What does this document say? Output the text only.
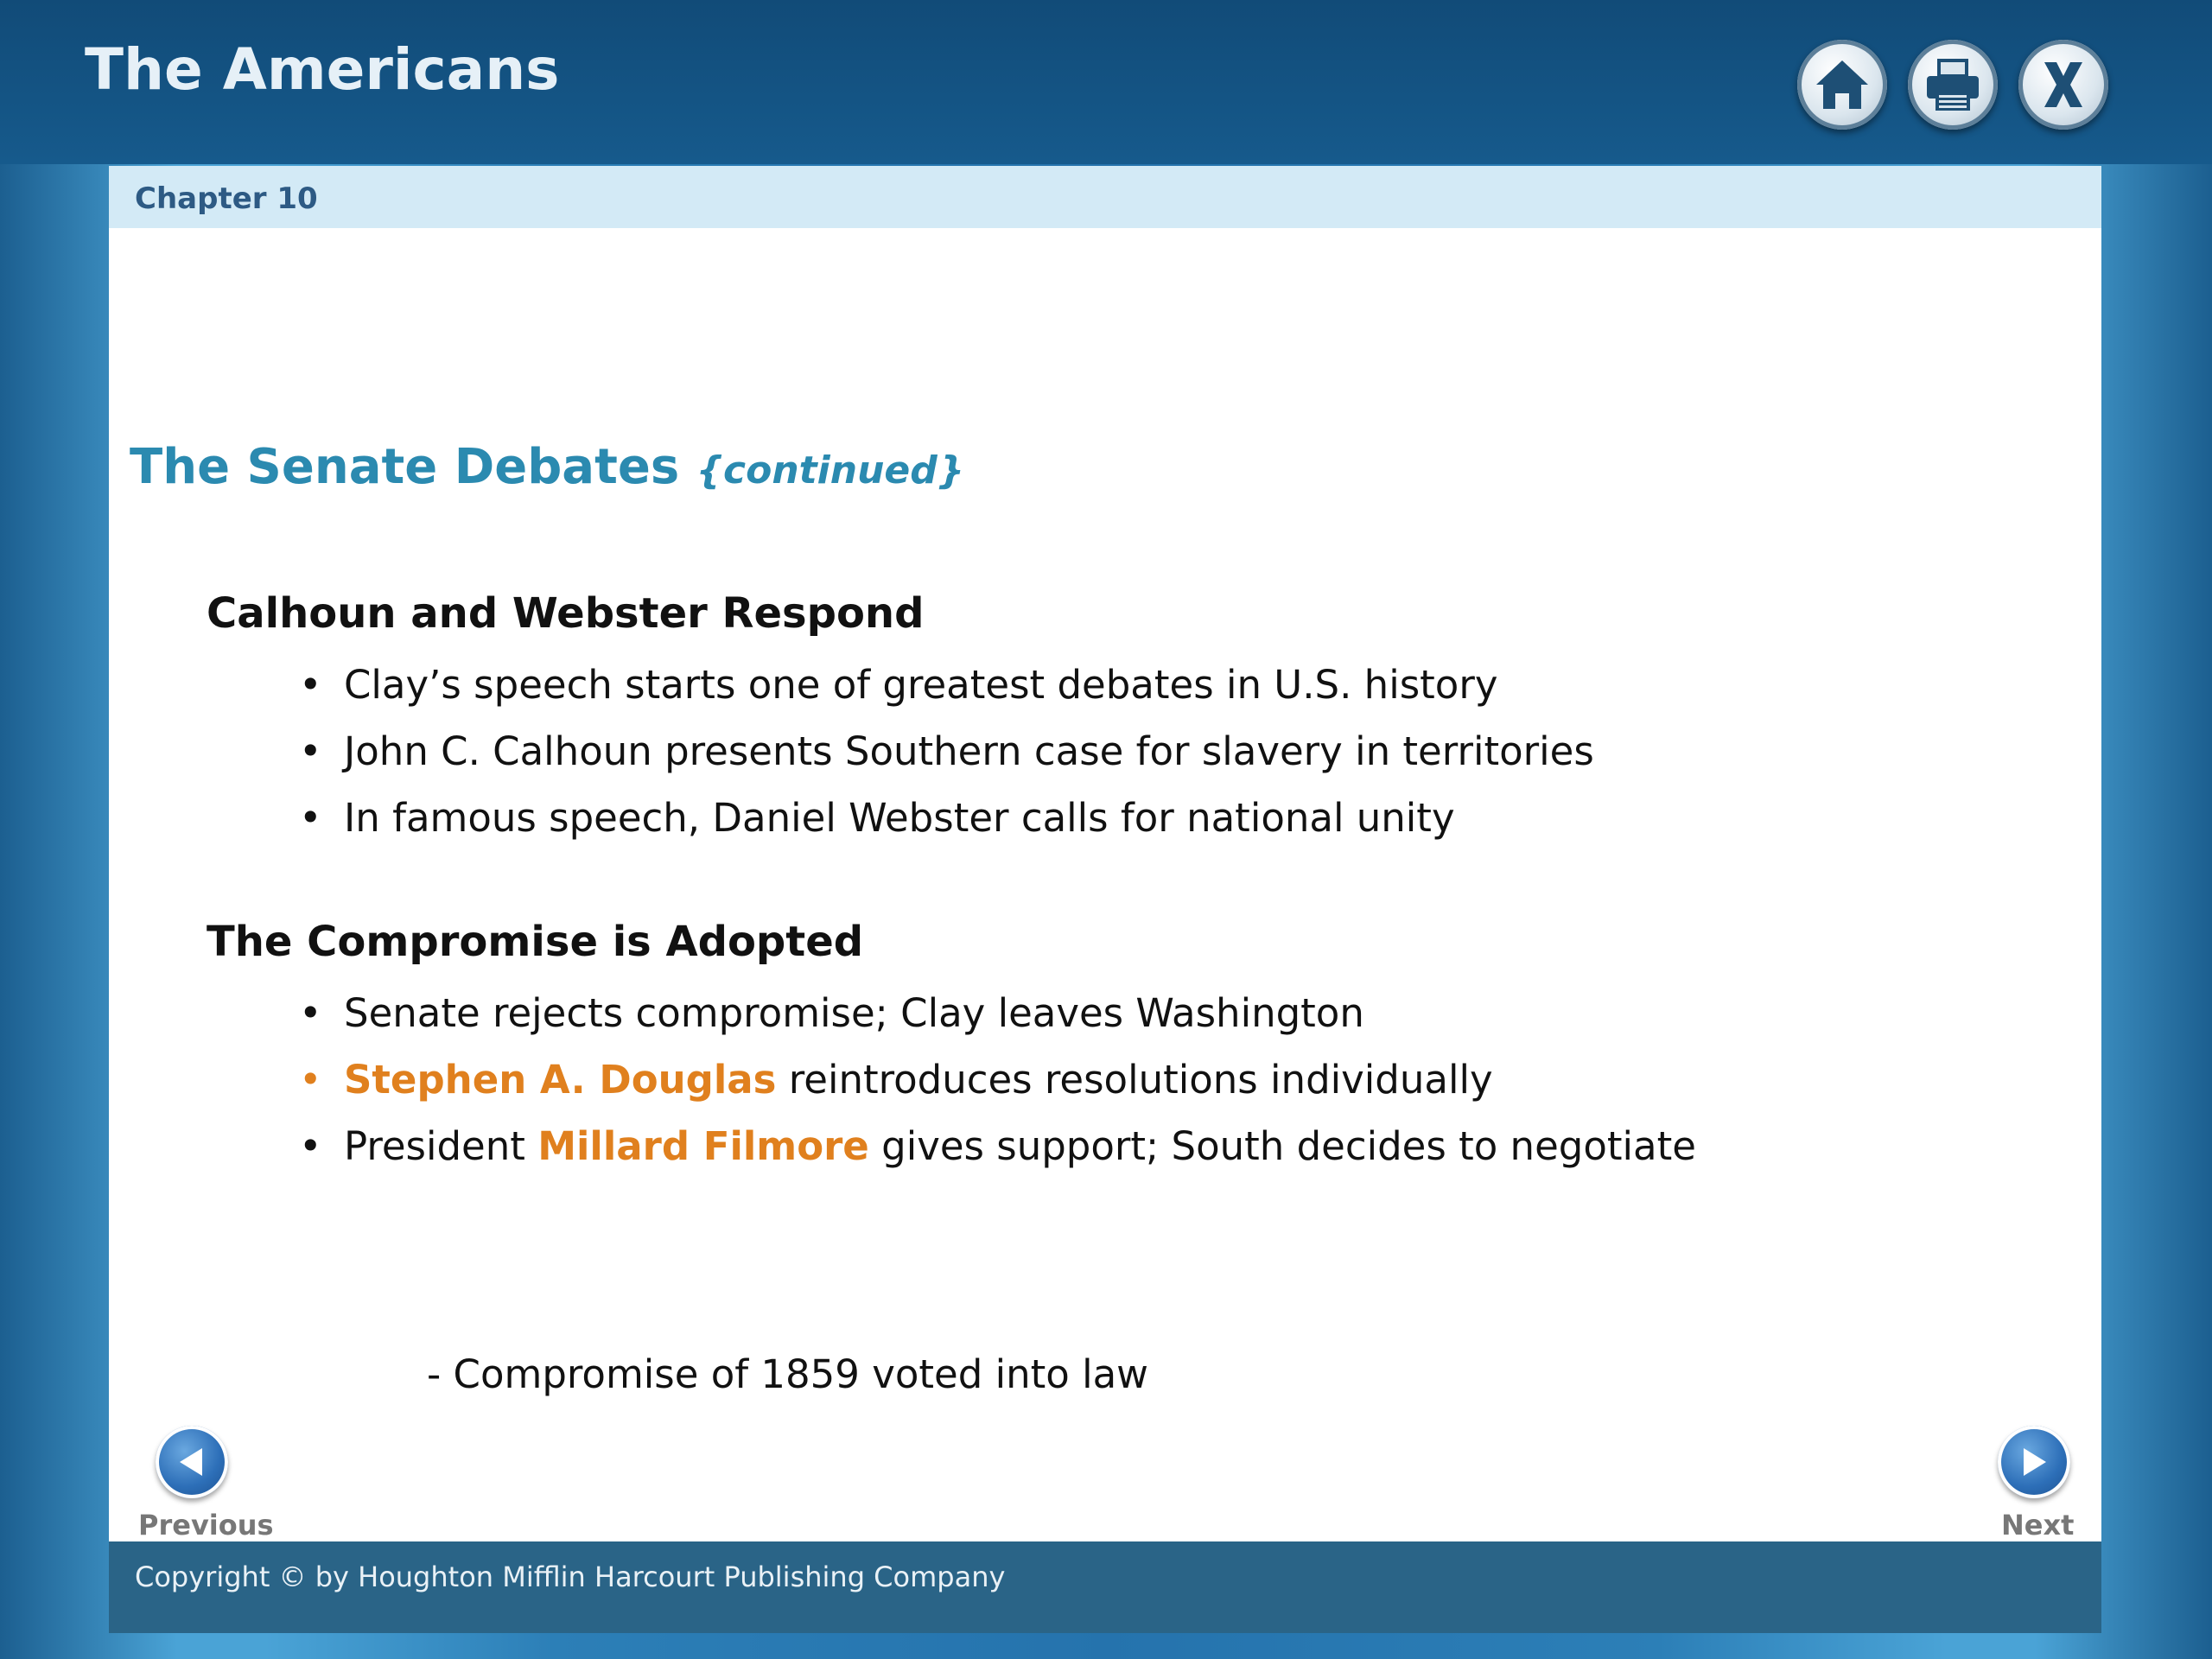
The Americans
Chapter 10
The Senate Debates {continued}
Calhoun and Webster Respond
• Clay’s speech starts one of greatest debates in U.S. history
• John C. Calhoun presents Southern case for slavery in territories
• In famous speech, Daniel Webster calls for national unity
The Compromise is Adopted
• Senate rejects compromise; Clay leaves Washington
• Stephen A. Douglas reintroduces resolutions individually
• President Millard Filmore gives support; South decides to negotiate
- Compromise of 1859 voted into law
Previous	Next
Copyright © by Houghton Mifflin Harcourt Publishing Company
